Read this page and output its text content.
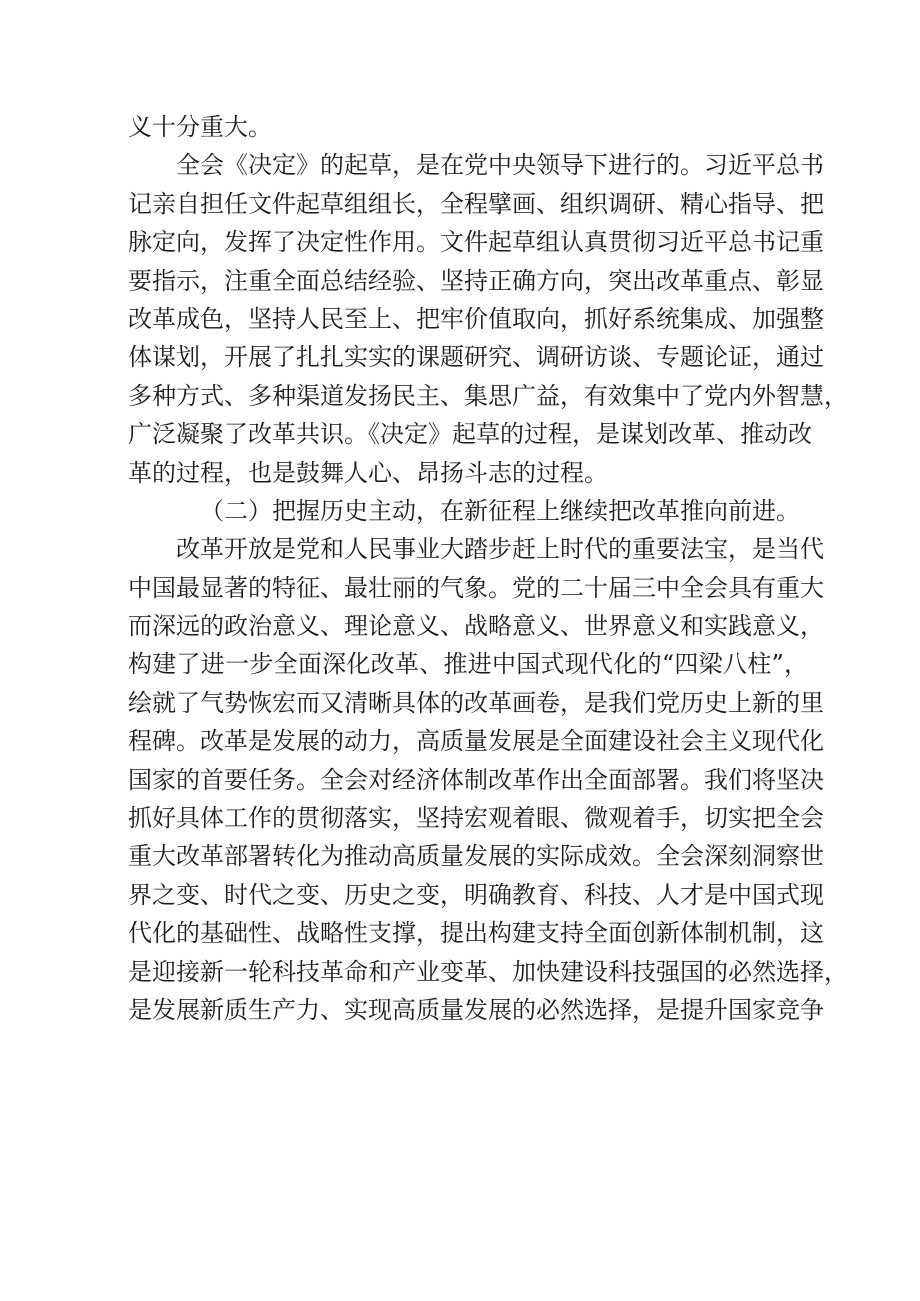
义十分重大。
全会《决定》的起草，是在党中央领导下进行的。习近平总书
记亲自担任文件起草组组长，全程擘画、组织调研、精心指导、把
脉定向，发挥了决定性作用。文件起草组认真贯彻习近平总书记重
要指示，注重全面总结经验、坚持正确方向，突出改革重点、彰显
改革成色，坚持人民至上、把牢价值取向，抓好系统集成、加强整
体谋划，开展了扎扎实实的课题研究、调研访谈、专题论证，通过
多种方式、多种渠道发扬民主、集思广益，有效集中了党内外智慧，
广泛凝聚了改革共识。《决定》起草的过程，是谋划改革、推动改
革的过程，也是鼓舞人心、昂扬斗志的过程。
（二）把握历史主动，在新征程上继续把改革推向前进。
改革开放是党和人民事业大踏步赶上时代的重要法宝，是当代
中国最显著的特征、最壮丽的气象。党的二十届三中全会具有重大
而深远的政治意义、理论意义、战略意义、世界意义和实践意义，
构建了进一步全面深化改革、推进中国式现代化的“四梁八柱”，
绘就了气势恢宏而又清晰具体的改革画卷，是我们党历史上新的里
程碑。改革是发展的动力，高质量发展是全面建设社会主义现代化
国家的首要任务。全会对经济体制改革作出全面部署。我们将坚决
抓好具体工作的贯彻落实，坚持宏观着眼、微观着手，切实把全会
重大改革部署转化为推动高质量发展的实际成效。全会深刻洞察世
界之变、时代之变、历史之变，明确教育、科技、人才是中国式现
代化的基础性、战略性支撑，提出构建支持全面创新体制机制，这
是迎接新一轮科技革命和产业变革、加快建设科技强国的必然选择，
是发展新质生产力、实现高质量发展的必然选择，是提升国家竞争
